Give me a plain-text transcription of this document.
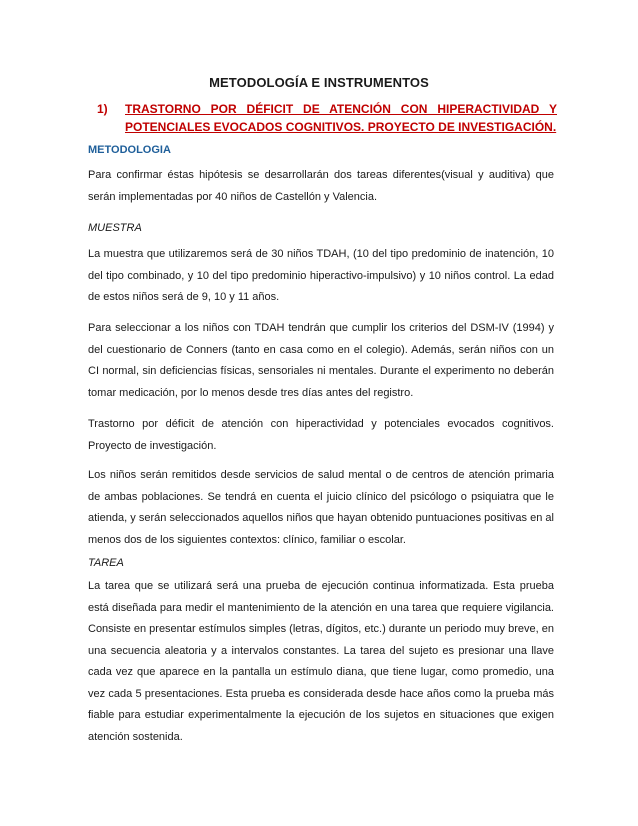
METODOLOGÍA E INSTRUMENTOS
1) TRASTORNO POR DÉFICIT DE ATENCIÓN CON HIPERACTIVIDAD Y POTENCIALES EVOCADOS COGNITIVOS. PROYECTO DE INVESTIGACIÓN.
METODOLOGIA
Para confirmar éstas hipótesis se desarrollarán dos tareas diferentes(visual y auditiva) que serán implementadas por 40 niños de Castellón y Valencia.
MUESTRA
La muestra que utilizaremos será de 30 niños TDAH, (10 del tipo predominio de inatención, 10 del tipo combinado, y 10 del tipo predominio hiperactivo-impulsivo) y 10 niños control. La edad de estos niños será de 9, 10 y 11 años.
Para seleccionar a los niños con TDAH tendrán que cumplir los criterios del DSM-IV (1994) y del cuestionario de Conners (tanto en casa como en el colegio). Además, serán niños con un CI normal, sin deficiencias físicas, sensoriales ni mentales. Durante el experimento no deberán tomar medicación, por lo menos desde tres días antes del registro.
Trastorno por déficit de atención con hiperactividad y potenciales evocados cognitivos. Proyecto de investigación.
Los niños serán remitidos desde servicios de salud mental o de centros de atención primaria de ambas poblaciones. Se tendrá en cuenta el juicio clínico del psicólogo o psiquiatra que le atienda, y serán seleccionados aquellos niños que hayan obtenido puntuaciones positivas en al menos dos de los siguientes contextos: clínico, familiar o escolar.
TAREA
La tarea que se utilizará será una prueba de ejecución continua informatizada. Esta prueba está diseñada para medir el mantenimiento de la atención en una tarea que requiere vigilancia. Consiste en presentar estímulos simples (letras, dígitos, etc.) durante un periodo muy breve, en una secuencia aleatoria y a intervalos constantes. La tarea del sujeto es presionar una llave cada vez que aparece en la pantalla un estímulo diana, que tiene lugar, como promedio, una vez cada 5 presentaciones. Esta prueba es considerada desde hace años como la prueba más fiable para estudiar experimentalmente la ejecución de los sujetos en situaciones que exigen atención sostenida.
